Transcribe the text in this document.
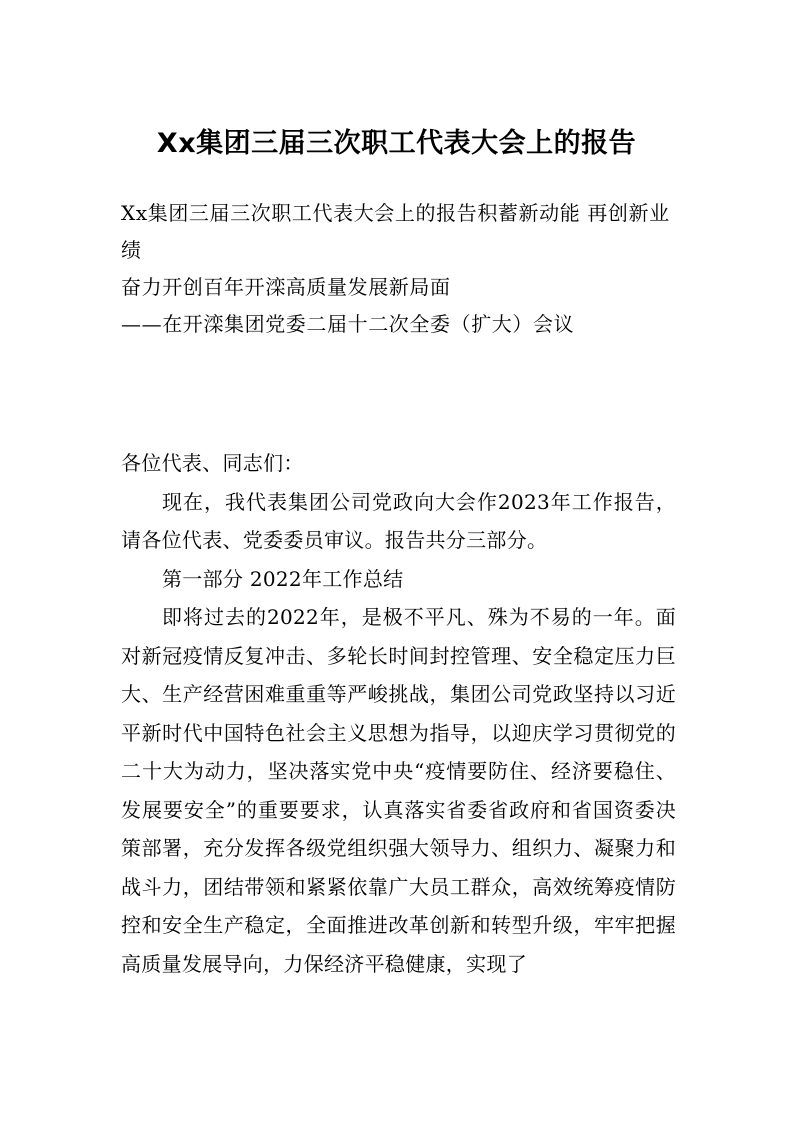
Xx集团三届三次职工代表大会上的报告

Xx集团三届三次职工代表大会上的报告积蓄新动能 再创新业绩

奋力开创百年开滦高质量发展新局面

——在开滦集团党委二届十二次全委（扩大）会议

各位代表、同志们：

现在，我代表集团公司党政向大会作2023年工作报告，请各位代表、党委委员审议。报告共分三部分。

第一部分 2022年工作总结

即将过去的2022年，是极不平凡、殊为不易的一年。面对新冠疫情反复冲击、多轮长时间封控管理、安全稳定压力巨大、生产经营困难重重等严峻挑战，集团公司党政坚持以习近平新时代中国特色社会主义思想为指导，以迎庆学习贯彻党的二十大为动力，坚决落实党中央“疫情要防住、经济要稳住、发展要安全”的重要要求，认真落实省委省政府和省国资委决策部署，充分发挥各级党组织强大领导力、组织力、凝聚力和战斗力，团结带领和紧紧依靠广大员工群众，高效统筹疫情防控和安全生产稳定，全面推进改革创新和转型升级，牢牢把握高质量发展导向，力保经济平稳健康，实现了
